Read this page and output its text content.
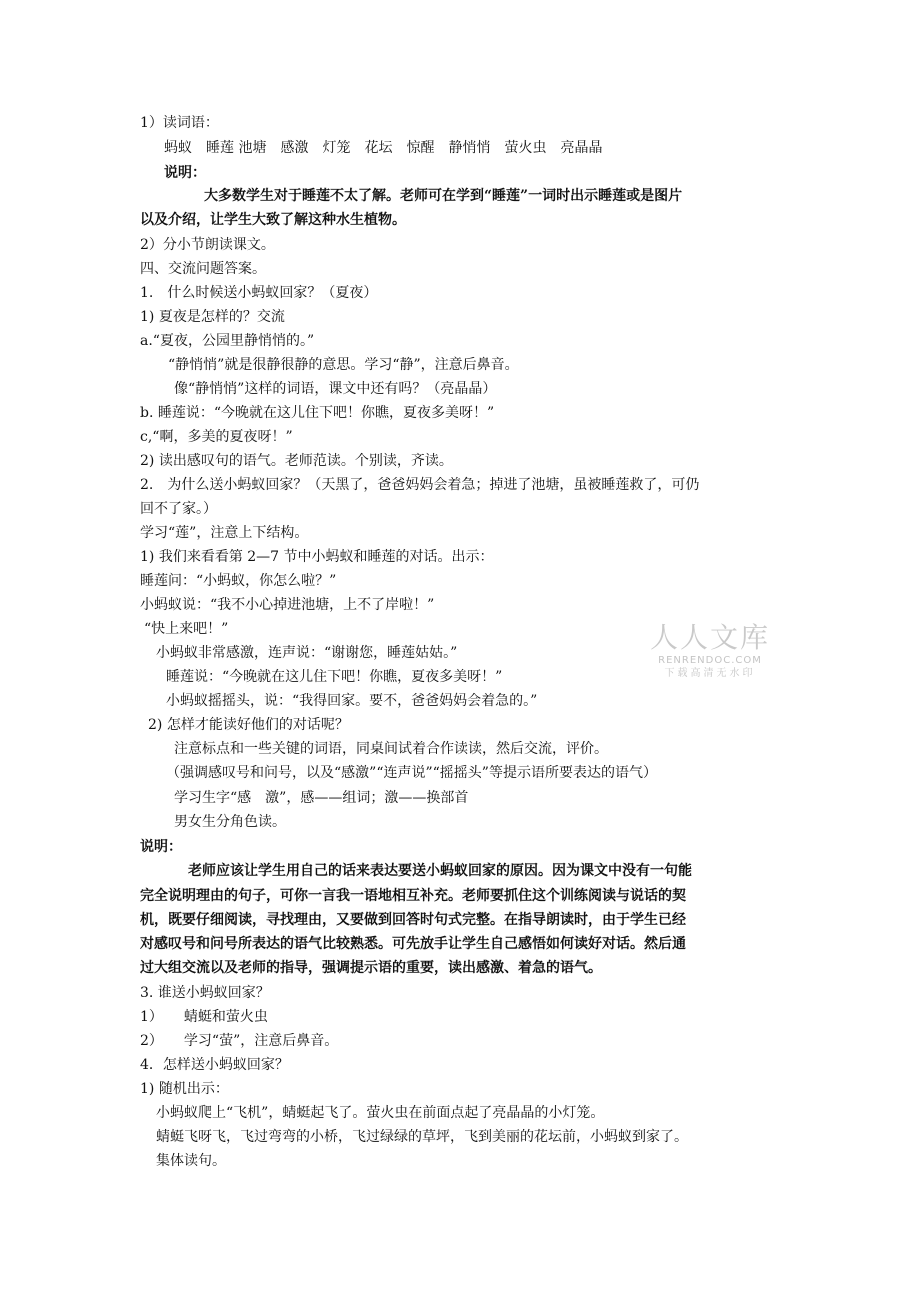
1）读词语：
蚂蚁　睡莲 池塘　感激　灯笼　花坛　惊醒　静悄悄　萤火虫　亮晶晶
说明：
大多数学生对于睡莲不太了解。老师可在学到“睡莲”一词时出示睡莲或是图片
以及介绍，让学生大致了解这种水生植物。
2）分小节朗读课文。
四、交流问题答案。
1.　什么时候送小蚂蚁回家？（夏夜）
1) 夏夜是怎样的？交流
a.“夏夜，公园里静悄悄的。”
“静悄悄”就是很静很静的意思。学习“静”，注意后鼻音。
像“静悄悄”这样的词语，课文中还有吗？（亮晶晶）
b. 睡莲说：“今晚就在这儿住下吧！你瞧，夏夜多美呀！”
c,“啊，多美的夏夜呀！”
2) 读出感叹句的语气。老师范读。个别读，齐读。
2.　为什么送小蚂蚁回家？（天黑了，爸爸妈妈会着急；掉进了池塘，虽被睡莲救了，可仍
回不了家。）
学习“莲”，注意上下结构。
1) 我们来看看第 2—7 节中小蚂蚁和睡莲的对话。出示：
睡莲问：“小蚂蚁，你怎么啦？”
小蚂蚁说：“我不小心掉进池塘，上不了岸啦！”
“快上来吧！”
小蚂蚁非常感激，连声说：“谢谢您，睡莲姑姑。”
睡莲说：“今晚就在这儿住下吧！你瞧，夏夜多美呀！”
小蚂蚁摇摇头，说：“我得回家。要不，爸爸妈妈会着急的。”
2) 怎样才能读好他们的对话呢？
注意标点和一些关键的词语，同桌间试着合作读读，然后交流，评价。
（强调感叹号和问号，以及“感激”“连声说”“摇摇头”等提示语所要表达的语气）
学习生字“感　激”，感——组词；激——换部首
男女生分角色读。
说明：
老师应该让学生用自己的话来表达要送小蚂蚁回家的原因。因为课文中没有一句能
完全说明理由的句子，可你一言我一语地相互补充。老师要抓住这个训练阅读与说话的契
机，既要仔细阅读，寻找理由，又要做到回答时句式完整。在指导朗读时，由于学生已经
对感叹号和问号所表达的语气比较熟悉。可先放手让学生自己感悟如何读好对话。然后通
过大组交流以及老师的指导，强调提示语的重要，读出感激、着急的语气。
3. 谁送小蚂蚁回家？
1）　　蜻蜓和萤火虫
2）　　学习“萤”，注意后鼻音。
4．怎样送小蚂蚁回家？
1) 随机出示：
小蚂蚁爬上“飞机”，蜻蜓起飞了。萤火虫在前面点起了亮晶晶的小灯笼。
蜻蜓飞呀飞，飞过弯弯的小桥，飞过绿绿的草坪，飞到美丽的花坛前，小蚂蚁到家了。
集体读句。
人人文库
RENRENDOC.COM
下载高清无水印
